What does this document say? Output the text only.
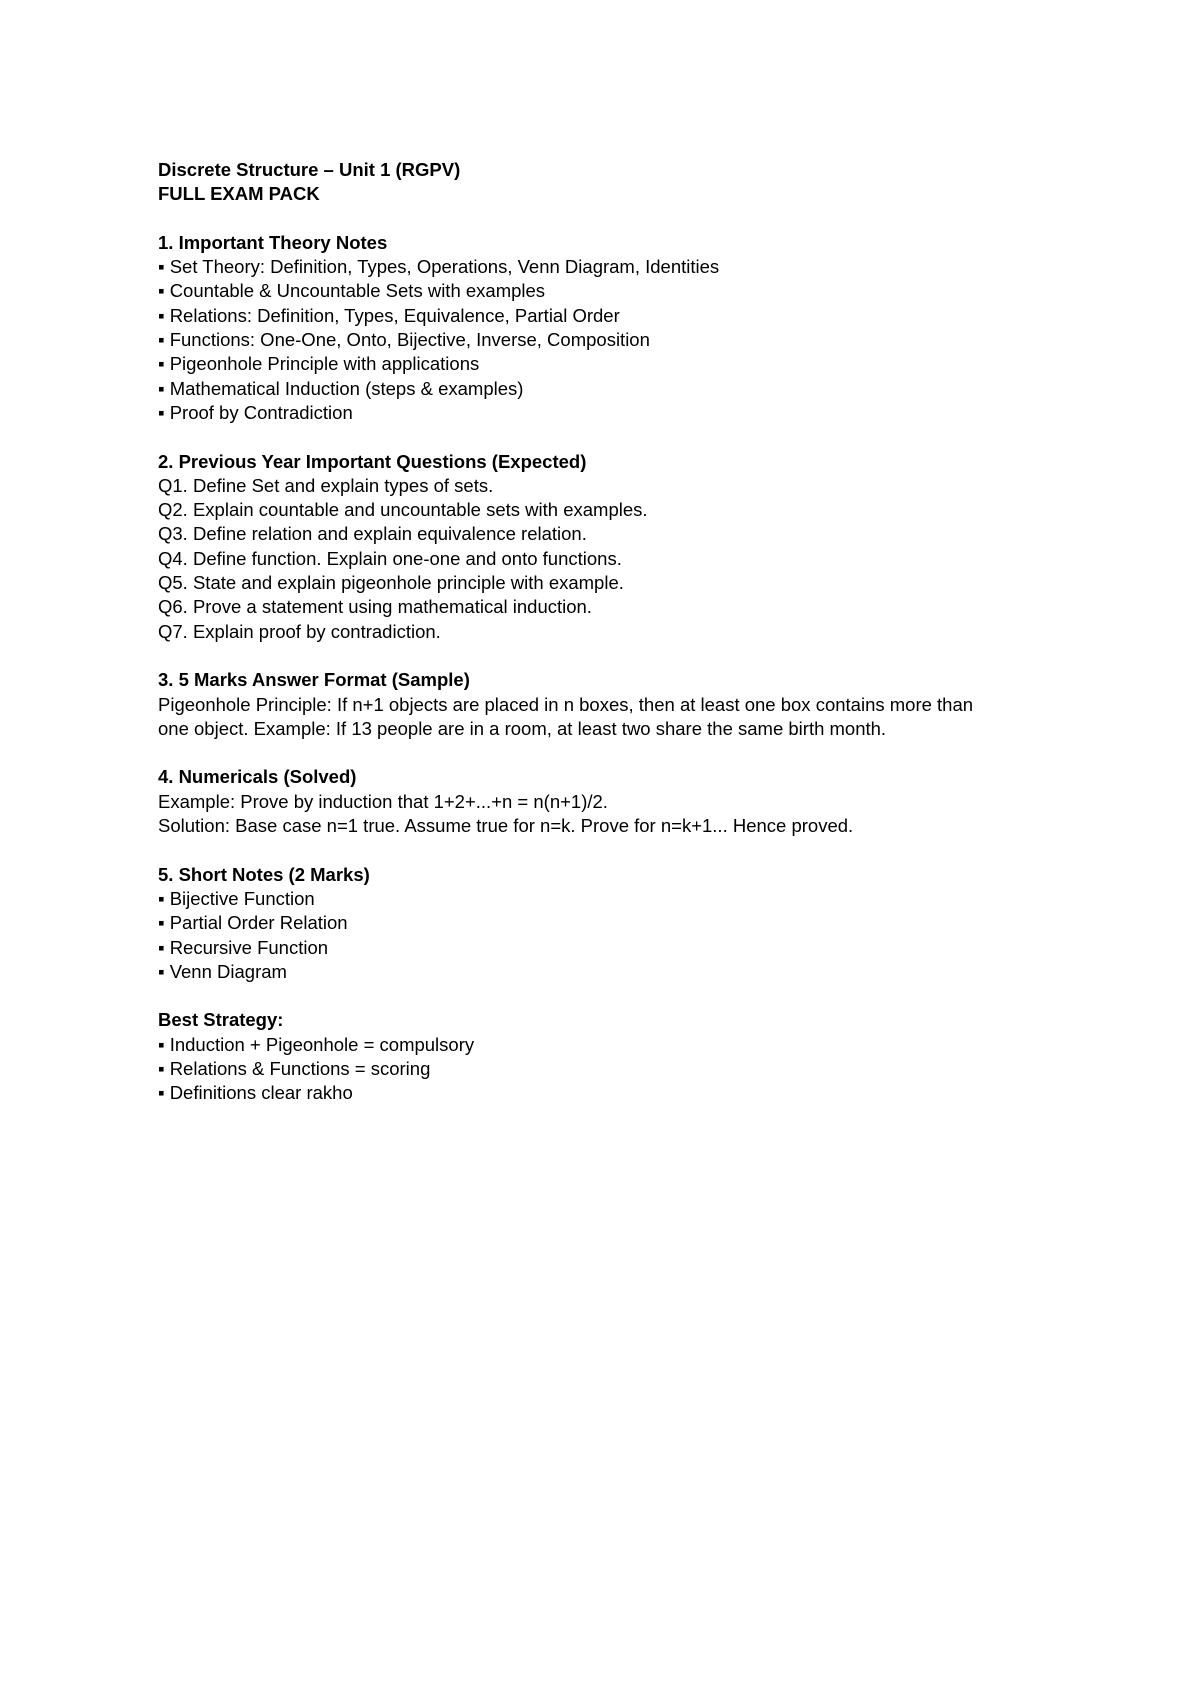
Discrete Structure – Unit 1 (RGPV)
FULL EXAM PACK
1. Important Theory Notes
▪ Set Theory: Definition, Types, Operations, Venn Diagram, Identities
▪ Countable & Uncountable Sets with examples
▪ Relations: Definition, Types, Equivalence, Partial Order
▪ Functions: One-One, Onto, Bijective, Inverse, Composition
▪ Pigeonhole Principle with applications
▪ Mathematical Induction (steps & examples)
▪ Proof by Contradiction
2. Previous Year Important Questions (Expected)
Q1. Define Set and explain types of sets.
Q2. Explain countable and uncountable sets with examples.
Q3. Define relation and explain equivalence relation.
Q4. Define function. Explain one-one and onto functions.
Q5. State and explain pigeonhole principle with example.
Q6. Prove a statement using mathematical induction.
Q7. Explain proof by contradiction.
3. 5 Marks Answer Format (Sample)
Pigeonhole Principle: If n+1 objects are placed in n boxes, then at least one box contains more than
one object. Example: If 13 people are in a room, at least two share the same birth month.
4. Numericals (Solved)
Example: Prove by induction that 1+2+...+n = n(n+1)/2.
Solution: Base case n=1 true. Assume true for n=k. Prove for n=k+1... Hence proved.
5. Short Notes (2 Marks)
▪ Bijective Function
▪ Partial Order Relation
▪ Recursive Function
▪ Venn Diagram
Best Strategy:
▪ Induction + Pigeonhole = compulsory
▪ Relations & Functions = scoring
▪ Definitions clear rakho
